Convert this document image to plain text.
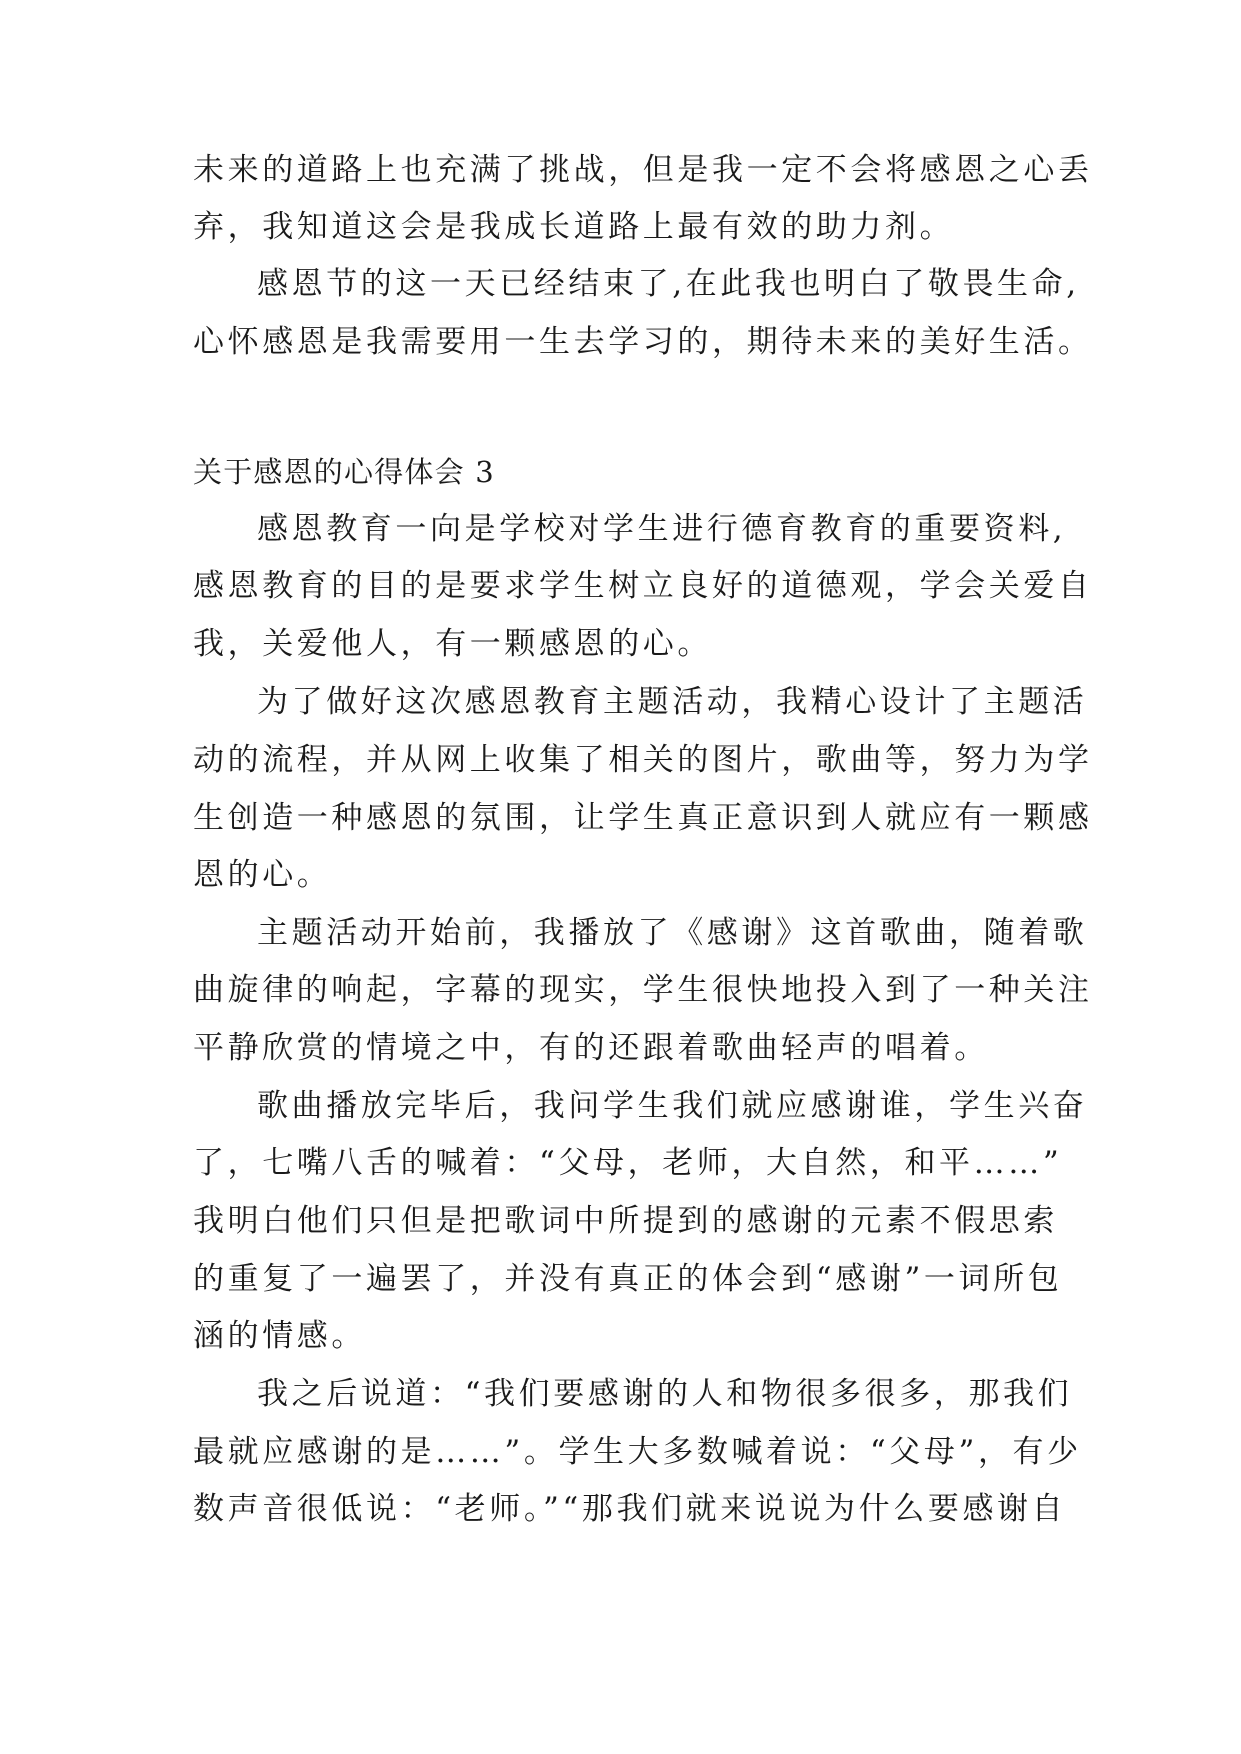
未来的道路上也充满了挑战，但是我一定不会将感恩之心丢
弃，我知道这会是我成长道路上最有效的助力剂。
感恩节的这一天已经结束了,在此我也明白了敬畏生命,
心怀感恩是我需要用一生去学习的，期待未来的美好生活。
关于感恩的心得体会 3
感恩教育一向是学校对学生进行德育教育的重要资料,
感恩教育的目的是要求学生树立良好的道德观，学会关爱自
我，关爱他人，有一颗感恩的心。
为了做好这次感恩教育主题活动，我精心设计了主题活
动的流程，并从网上收集了相关的图片，歌曲等，努力为学
生创造一种感恩的氛围，让学生真正意识到人就应有一颗感
恩的心。
主题活动开始前，我播放了《感谢》这首歌曲，随着歌
曲旋律的响起，字幕的现实，学生很快地投入到了一种关注
平静欣赏的情境之中，有的还跟着歌曲轻声的唱着。
歌曲播放完毕后，我问学生我们就应感谢谁，学生兴奋
了，七嘴八舌的喊着：“父母，老师，大自然，和平……”
我明白他们只但是把歌词中所提到的感谢的元素不假思索
的重复了一遍罢了，并没有真正的体会到“感谢”一词所包
涵的情感。
我之后说道：“我们要感谢的人和物很多很多，那我们
最就应感谢的是……”。学生大多数喊着说：“父母”，有少
数声音很低说：“老师。”“那我们就来说说为什么要感谢自
